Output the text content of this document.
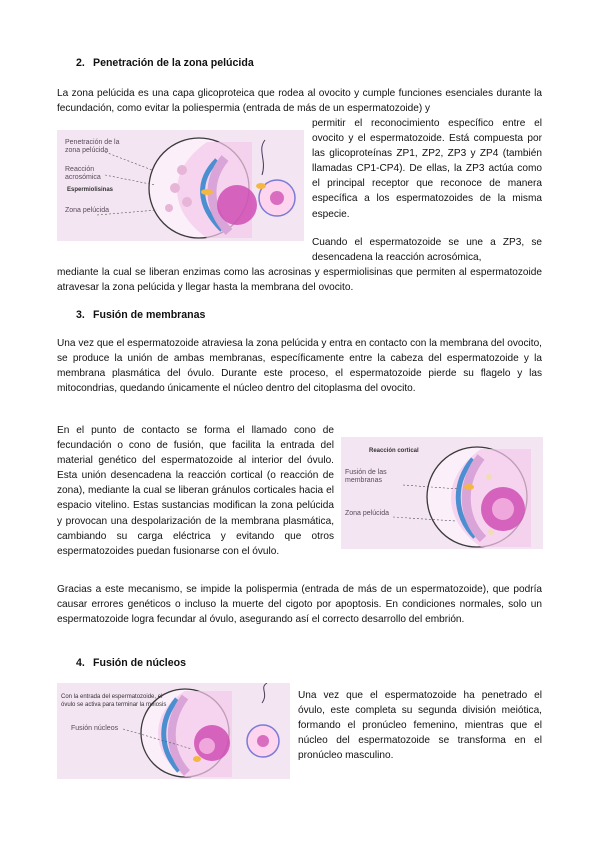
2. Penetración de la zona pelúcida

La zona pelúcida es una capa glicoproteica que rodea al ovocito y cumple funciones esenciales durante la fecundación, como evitar la poliespermia (entrada de más de un espermatozoide) y

Penetración de la zona pelúcida
Reacción acrosómica
Espermiolisinas
Zona pelúcida

permitir el reconocimiento específico entre el ovocito y el espermatozoide. Está compuesta por las glicoproteínas ZP1, ZP2, ZP3 y ZP4 (también llamadas CP1-CP4). De ellas, la ZP3 actúa como el principal receptor que reconoce de manera específica a los espermatozoides de la misma especie.

Cuando el espermatozoide se une a ZP3, se desencadena la reacción acrosómica,

mediante la cual se liberan enzimas como las acrosinas y espermiolisinas que permiten al espermatozoide atravesar la zona pelúcida y llegar hasta la membrana del ovocito.

3. Fusión de membranas

Una vez que el espermatozoide atraviesa la zona pelúcida y entra en contacto con la membrana del ovocito, se produce la unión de ambas membranas, específicamente entre la cabeza del espermatozoide y la membrana plasmática del óvulo. Durante este proceso, el espermatozoide pierde su flagelo y las mitocondrias, quedando únicamente el núcleo dentro del citoplasma del ovocito.

En el punto de contacto se forma el llamado cono de fecundación o cono de fusión, que facilita la entrada del material genético del espermatozoide al interior del óvulo. Esta unión desencadena la reacción cortical (o reacción de zona), mediante la cual se liberan gránulos corticales hacia el espacio vitelino. Estas sustancias modifican la zona pelúcida y provocan una despolarización de la membrana plasmática, cambiando su carga eléctrica y evitando que otros espermatozoides puedan fusionarse con el óvulo.

Reacción cortical
Fusión de las membranas
Zona pelúcida

Gracias a este mecanismo, se impide la polispermia (entrada de más de un espermatozoide), que podría causar errores genéticos o incluso la muerte del cigoto por apoptosis. En condiciones normales, solo un espermatozoide logra fecundar al óvulo, asegurando así el correcto desarrollo del embrión.

4. Fusión de núcleos
Con la entrada del espermatozoide, el óvulo se activa para terminar la meiosis
Fusión núcleos

Una vez que el espermatozoide ha penetrado el óvulo, este completa su segunda división meiótica, formando el pronúcleo femenino, mientras que el núcleo del espermatozoide se transforma en el pronúcleo masculino.
